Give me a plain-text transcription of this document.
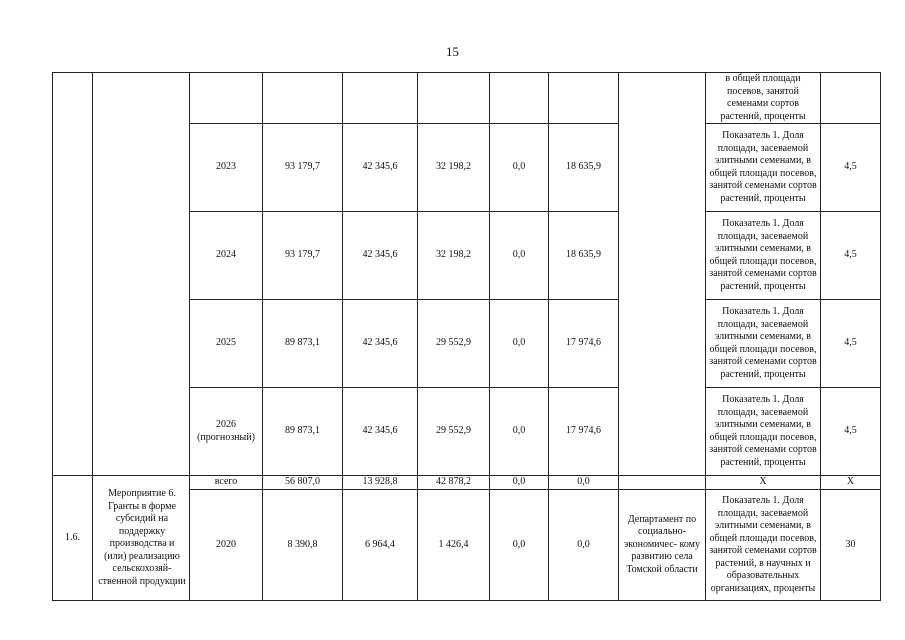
15

									в общей площади
посевов, занятой
семенами сортов
растений, проценты	

		2023	93 179,7	42 345,6	32 198,2	0,0	18 635,9		Показатель 1. Доля площади, засеваемой элитными семенами, в общей площади посевов, занятой семенами сортов растений, проценты	4,5
		2024	93 179,7	42 345,6	32 198,2	0,0	18 635,9		Показатель 1. Доля площади, засеваемой элитными семенами, в общей площади посевов, занятой семенами сортов растений, проценты	4,5
		2025	89 873,1	42 345,6	29 552,9	0,0	17 974,6		Показатель 1. Доля площади, засеваемой элитными семенами, в общей площади посевов, занятой семенами сортов растений, проценты	4,5

		2026
(прогнозный)	89 873,1	42 345,6	29 552,9	0,0	17 974,6		Показатель 1. Доля площади, засеваемой элитными семенами, в общей площади посевов, занятой семенами сортов растений, проценты	4,5
1.6.	Мероприятие 6. Гранты в форме субсидий на поддержку производства и (или) реализацию сельскохозяй- ственной продукции	всего	56 807,0	13 928,8	42 878,2	0,0	0,0		X	X
		2020	8 390,8	6 964,4	1 426,4	0,0	0,0	Департамент по социально- экономичес- кому развитию села Томской области	Показатель 1. Доля площади, засеваемой элитными семенами, в общей площади посевов, занятой семенами сортов растений, в научных и образовательных организациях, проценты	30
